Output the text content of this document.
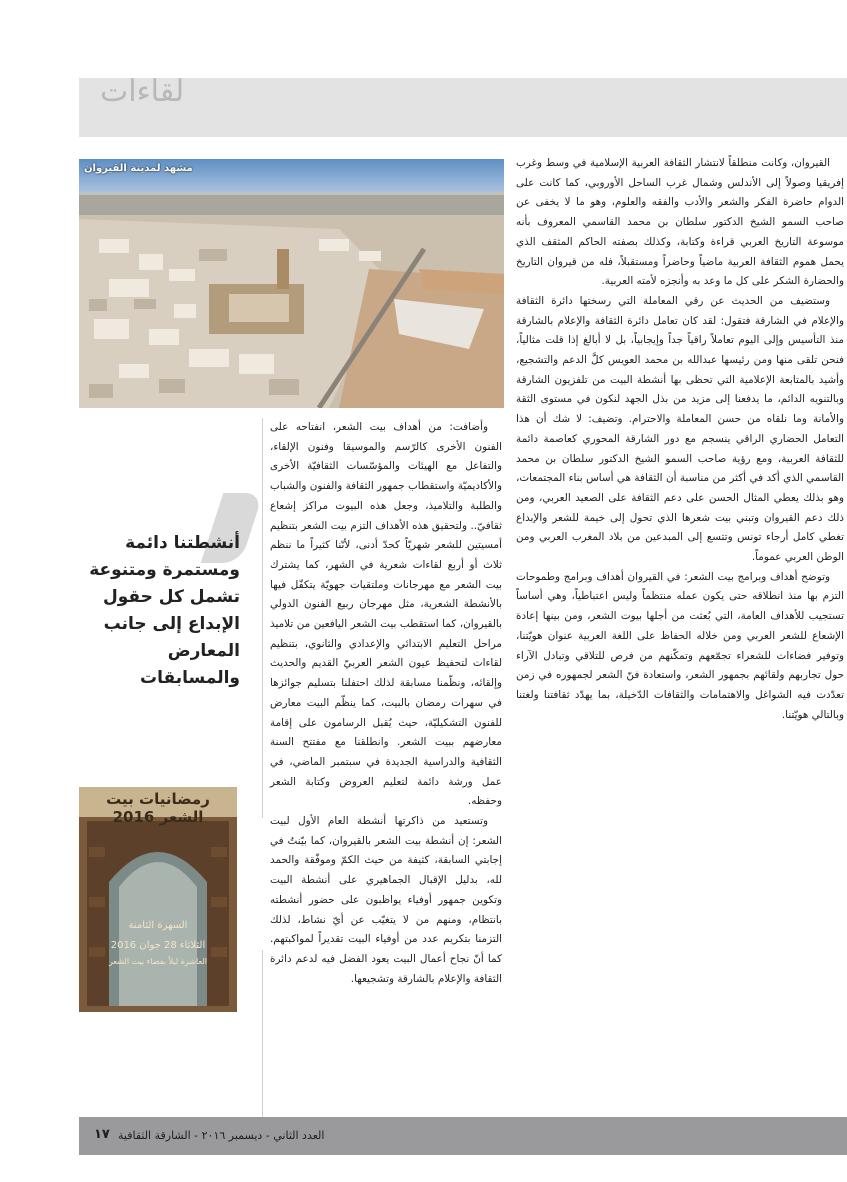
لقاءات
مشهد لمدينة القيروان	القيروان، وكانت منطلقاً لانتشار الثقافة العربية الإسلامية في وسط وغرب إفريقيا وصولاً إلى الأندلس وشمال غرب الساحل الأوروبي، كما كانت على الدوام حاضرة الفكر والشعر والأدب والفقه والعلوم، وهو ما لا يخفى عن صاحب السمو الشيخ الدكتور سلطان بن محمد القاسمي المعروف بأنه موسوعة التاريخ العربي قراءة وكتابة، وكذلك بصفته الحاكم المثقف الذي يحمل هموم الثقافة العربية ماضياً وحاضراً ومستقبلاً، فله من قيروان التاريخ والحضارة الشكر على كل ما وعد به وأنجزه لأمته العربية.

وستضيف من الحديث عن رقي المعاملة التي رسختها دائرة الثقافة والإعلام في الشارقة فتقول: لقد كان تعامل دائرة الثقافة والإعلام بالشارقة منذ التأسيس وإلى اليوم تعاملاً راقياً جداً وإيجابياً، بل لا أبالغ إذا قلت مثالياً، فنحن تلقى منها ومن رئيسها عبدالله بن محمد العويس كلَّ الدعم والتشجيع، وأشيد بالمتابعة الإعلامية التي تحظى بها أنشطة البيت من تلفزيون الشارقة وبالتنويه الدائم، ما يدفعنا إلى مزيد من بذل الجهد لنكون في مستوى الثقة والأمانة وما نلقاه من حسن المعاملة والاحترام. وتضيف: لا شك أن هذا التعامل الحضاري الراقي ينسجم مع دور الشارقة المحوري كعاصمة دائمة للثقافة العربية، ومع رؤية صاحب السمو الشيخ الدكتور سلطان بن محمد القاسمي الذي أكد في أكثر من مناسبة أن الثقافة هي أساس بناء المجتمعات، وهو بذلك يعطي المثال الحسن على دعم الثقافة على الصعيد العربي، ومن ذلك دعم القيروان وتبني بيت شعرها الذي تحول إلى خيمة للشعر والإبداع تغطي كامل أرجاء تونس وتتسع إلى المبدعين من بلاد المغرب العربي ومن الوطن العربي عموماً.

وتوضح أهداف وبرامج بيت الشعر: في القيروان أهداف وبرامج وطموحات التزم بها منذ انطلاقه حتى يكون عمله منتظماً وليس اعتباطياً، وهي أساساً تستجيب للأهداف العامة، التي بُعثت من أجلها بيوت الشعر، ومن بينها إعادة الإشعاع للشعر العربي ومن خلاله الحفاظ على اللغة العربية عنوان هويّتنا، وتوفير فضاءات للشعراء تجمّعهم وتمكّنهم من فرص للتلاقي وتبادل الآراء حول تجاربهم ولقائهم بجمهور الشعر، واستعادة فنّ الشعر لجمهوره في زمن تعدّدت فيه الشواغل والاهتمامات والثقافات الدّخيلة، بما يهدّد ثقافتنا ولغتنا وبالتالي هويّتنا.

وأضافت: من أهداف بيت الشعر، انفتاحه على الفنون الأخرى كالرّسم والموسيقا وفنون الإلقاء، والتفاعل مع الهيئات والمؤسّسات الثقافيّة الأخرى والأكاديميّة واستقطاب جمهور الثقافة والفنون والشباب والطلبة والتلاميذ، وجعل هذه البيوت مراكز إشعاع ثقافيّ.. ولتحقيق هذه الأهداف التزم بيت الشعر بتنظيم أمسيتين للشعر شهريّاً كحدّ أدنى، لأنّنا كثيراً ما ننظم ثلاث أو أربع لقاءات شعرية في الشهر، كما يشترك بيت الشعر مع مهرجانات وملتقيات جهويّة يتكفّل فيها بالأنشطة الشعرية، مثل مهرجان ربيع الفنون الدولي بالقيروان، كما استقطب بيت الشعر اليافعين من تلاميذ مراحل التعليم الابتدائي والإعدادي والثانوي، بتنظيم لقاءات لتحفيظ عيون الشعر العربيّ القديم والحديث وإلقائه، ونظّمنا مسابقة لذلك احتفلنا بتسليم جوائزها في سهرات رمضان بالبيت، كما ينظّم البيت معارض للفنون التشكيليّة، حيث يُقبل الرسامون على إقامة معارضهم ببيت الشعر. وانطلقنا مع مفتتح السنة الثقافية والدراسية الجديدة في سبتمبر الماضي، في عمل ورشة دائمة لتعليم العروض وكتابة الشعر وحفظه.

وتستعيد من ذاكرتها أنشطة العام الأول لبيت الشعر: إن أنشطة بيت الشعر بالقيروان، كما بيّنتُ في إجابتي السابقة، كثيفة من حيث الكمّ وموفّقة والحمد لله، بدليل الإقبال الجماهيري على أنشطة البيت وتكوين جمهور أوفياء يواظبون على حضور أنشطته بانتظام، ومنهم من لا يتغيّب عن أيّ نشاط، لذلك التزمنا بتكريم عدد من أوفياء البيت تقديراً لمواكبتهم. كما أنّ نجاح أعمال البيت يعود الفضل فيه لدعم دائرة الثقافة والإعلام بالشارقة وتشجيعها.

أنشطتنا دائمة ومستمرة ومتنوعة تشمل كل حقول الإبداع إلى جانب المعارض والمسابقات
رمضانيات بيت الشعر 2016
السهرة الثامنة
الثلاثاء 28 جوان 2016
العاشرة ليلاً بفضاء بيت الشعر
العدد الثاني - ديسمبر ٢٠١٦ - الشارقة الثقافية
١٧
